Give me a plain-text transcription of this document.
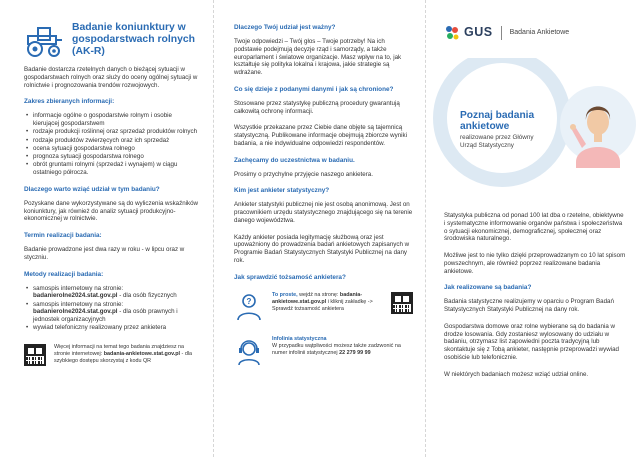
Badanie koniunktury w gospodarstwach rolnych (AK-R)
Badanie dostarcza rzetelnych danych o bieżącej sytuacji w gospodarstwach rolnych oraz służy do oceny ogólnej sytuacji w rolnictwie i prognozowania trendów rozwojowych.
Zakres zbieranych informacji:
• informacje ogólne o gospodarstwie rolnym i osobie kierującej gospodarstwem
• rodzaje produkcji roślinnej oraz sprzedaż produktów rolnych
• rodzaje produktów zwierzęcych oraz ich sprzedaż
• ocena sytuacji gospodarstwa rolnego
• prognoza sytuacji gospodarstwa rolnego
• obrót gruntami rolnymi (sprzedaż i wynajem) w ciągu ostatniego półrocza.
Dlaczego warto wziąć udział w tym badaniu?
Pozyskane dane wykorzystywane są do wyliczenia wskaźników koniunktury, jak również do analiz sytuacji produkcyjno-ekonomicznej w rolnictwie.
Termin realizacji badania:
Badanie prowadzone jest dwa razy w roku - w lipcu oraz w styczniu.
Metody realizacji badania:
• samospis internetowy na stronie:
badanierolne2024.stat.gov.pl - dla osób fizycznych
• samospis internetowy na stronie:
badanierolne2024.stat.gov.pl - dla osób prawnych i jednostek organizacyjnych
• wywiad telefoniczny realizowany przez ankietera
Więcej informacji na temat tego badania znajdziesz na stronie internetowej: badania-ankietowe.stat.gov.pl - dla szybkiego dostępu skorzystaj z kodu QR
Dlaczego Twój udział jest ważny?
Twoje odpowiedzi – Twój głos – Twoje potrzeby! Na ich podstawie podejmują decyzje rząd i samorządy, a także europarlament i światowe organizacje. Masz wpływ na to, jak kształtuje się polityka lokalna i krajowa, jakie strategie są wdrażane.
Co się dzieje z podanymi danymi i jak są chronione?
Stosowane przez statystykę publiczną procedury gwarantują całkowitą ochronę informacji.
Wszystkie przekazane przez Ciebie dane objęte są tajemnicą statystyczną. Publikowane informacje obejmują zbiorcze wyniki badania, a nie indywidualne odpowiedzi respondentów.
Zachęcamy do uczestnictwa w badaniu.
Prosimy o przychylne przyjęcie naszego ankietera.
Kim jest ankieter statystyczny?
Ankieter statystyki publicznej nie jest osobą anonimową. Jest on pracownikiem urzędu statystycznego znajdującego się na terenie danego województwa.
Każdy ankieter posiada legitymację służbową oraz jest upoważniony do prowadzenia badań ankietowych zapisanych w Programie Badań Statystycznych Statystyki Publicznej na dany rok.
Jak sprawdzić tożsamość ankietera?
?
To proste, wejdź na stronę: badania-ankietowe.stat.gov.pl i kliknij zakładkę -> Sprawdź tożsamość ankietera
Infolinia statystyczna
W przypadku wątpliwości możesz także zadzwonić na numer infolinii statystycznej 22 279 99 99
GUS Badania Ankietowe
Poznaj badania ankietowe
realizowane przez Główny Urząd Statystyczny
Statystyka publiczna od ponad 100 lat dba o rzetelne, obiektywne i systematyczne informowanie organów państwa i społeczeństwa o sytuacji ekonomicznej, demograficznej, społecznej oraz środowiska naturalnego.
Możliwe jest to nie tylko dzięki przeprowadzanym co 10 lat spisom powszechnym, ale również poprzez realizowane badania ankietowe.
Jak realizowane są badania?
Badania statystyczne realizujemy w oparciu o Program Badań Statystycznych Statystyki Publicznej na dany rok.
Gospodarstwa domowe oraz rolne wybierane są do badania w drodze losowania. Gdy zostaniesz wylosowany do udziału w badaniu, otrzymasz list zapowiedni poczta tradycyjną lub skontaktuje się z Tobą ankieter, następnie przeprowadzi wywiad osobiście lub telefonicznie.
W niektórych badaniach możesz wziąć udział online.
